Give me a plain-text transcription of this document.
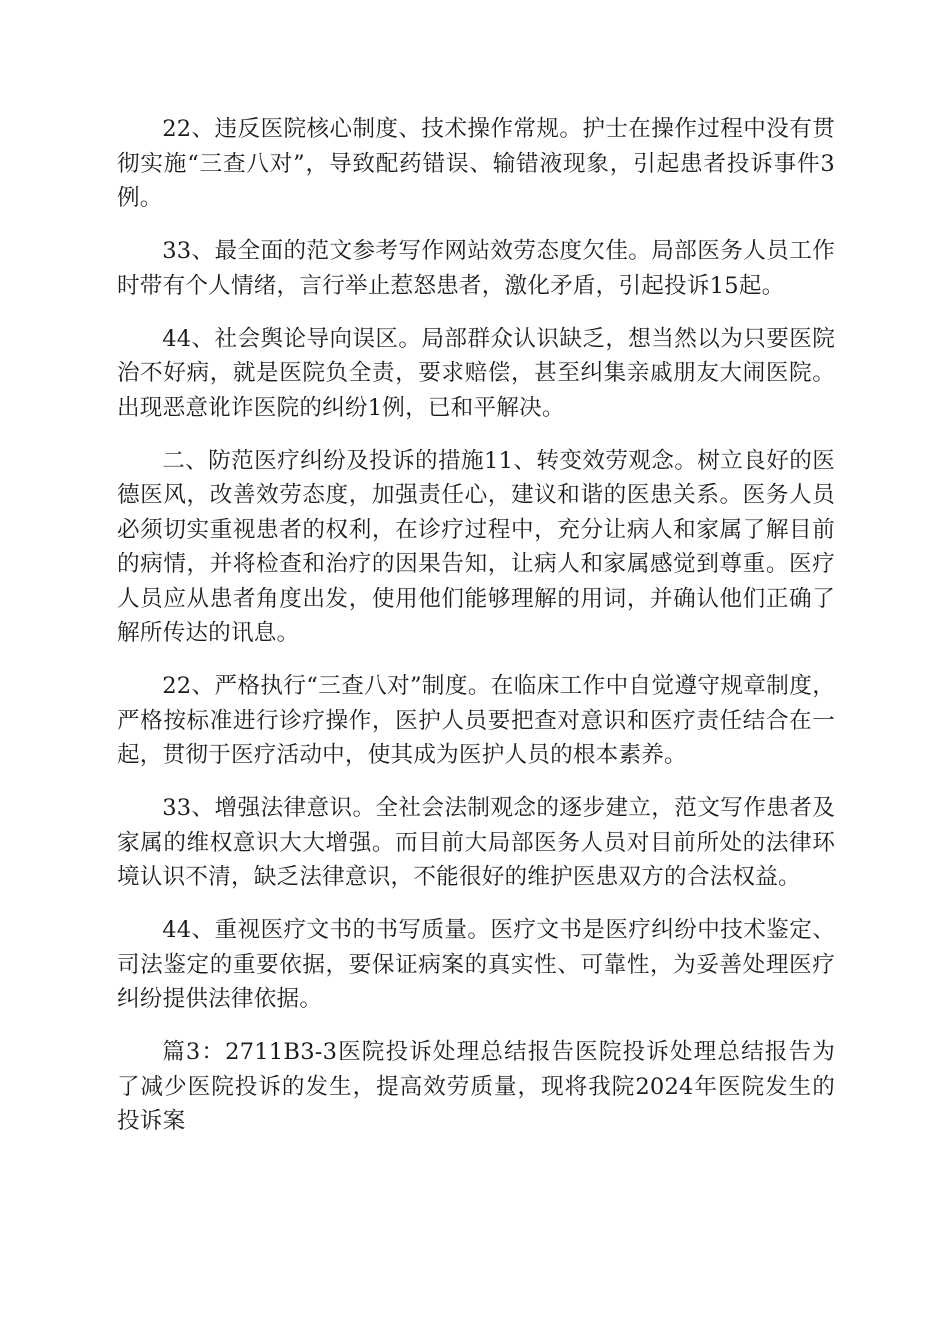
22、违反医院核心制度、技术操作常规。护士在操作过程中没有贯彻实施“三查八对”，导致配药错误、输错液现象，引起患者投诉事件3例。

33、最全面的范文参考写作网站效劳态度欠佳。局部医务人员工作时带有个人情绪，言行举止惹怒患者，激化矛盾，引起投诉15起。

44、社会舆论导向误区。局部群众认识缺乏，想当然以为只要医院治不好病，就是医院负全责，要求赔偿，甚至纠集亲戚朋友大闹医院。出现恶意讹诈医院的纠纷1例，已和平解决。

二、防范医疗纠纷及投诉的措施11、转变效劳观念。树立良好的医德医风，改善效劳态度，加强责任心，建议和谐的医患关系。医务人员必须切实重视患者的权利，在诊疗过程中，充分让病人和家属了解目前的病情，并将检查和治疗的因果告知，让病人和家属感觉到尊重。医疗人员应从患者角度出发，使用他们能够理解的用词，并确认他们正确了解所传达的讯息。

22、严格执行“三查八对”制度。在临床工作中自觉遵守规章制度，严格按标准进行诊疗操作，医护人员要把查对意识和医疗责任结合在一起，贯彻于医疗活动中，使其成为医护人员的根本素养。

33、增强法律意识。全社会法制观念的逐步建立，范文写作患者及家属的维权意识大大增强。而目前大局部医务人员对目前所处的法律环境认识不清，缺乏法律意识，不能很好的维护医患双方的合法权益。

44、重视医疗文书的书写质量。医疗文书是医疗纠纷中技术鉴定、司法鉴定的重要依据，要保证病案的真实性、可靠性，为妥善处理医疗纠纷提供法律依据。

篇3：2711B3-3医院投诉处理总结报告医院投诉处理总结报告为了减少医院投诉的发生，提高效劳质量，现将我院2024年医院发生的投诉案
